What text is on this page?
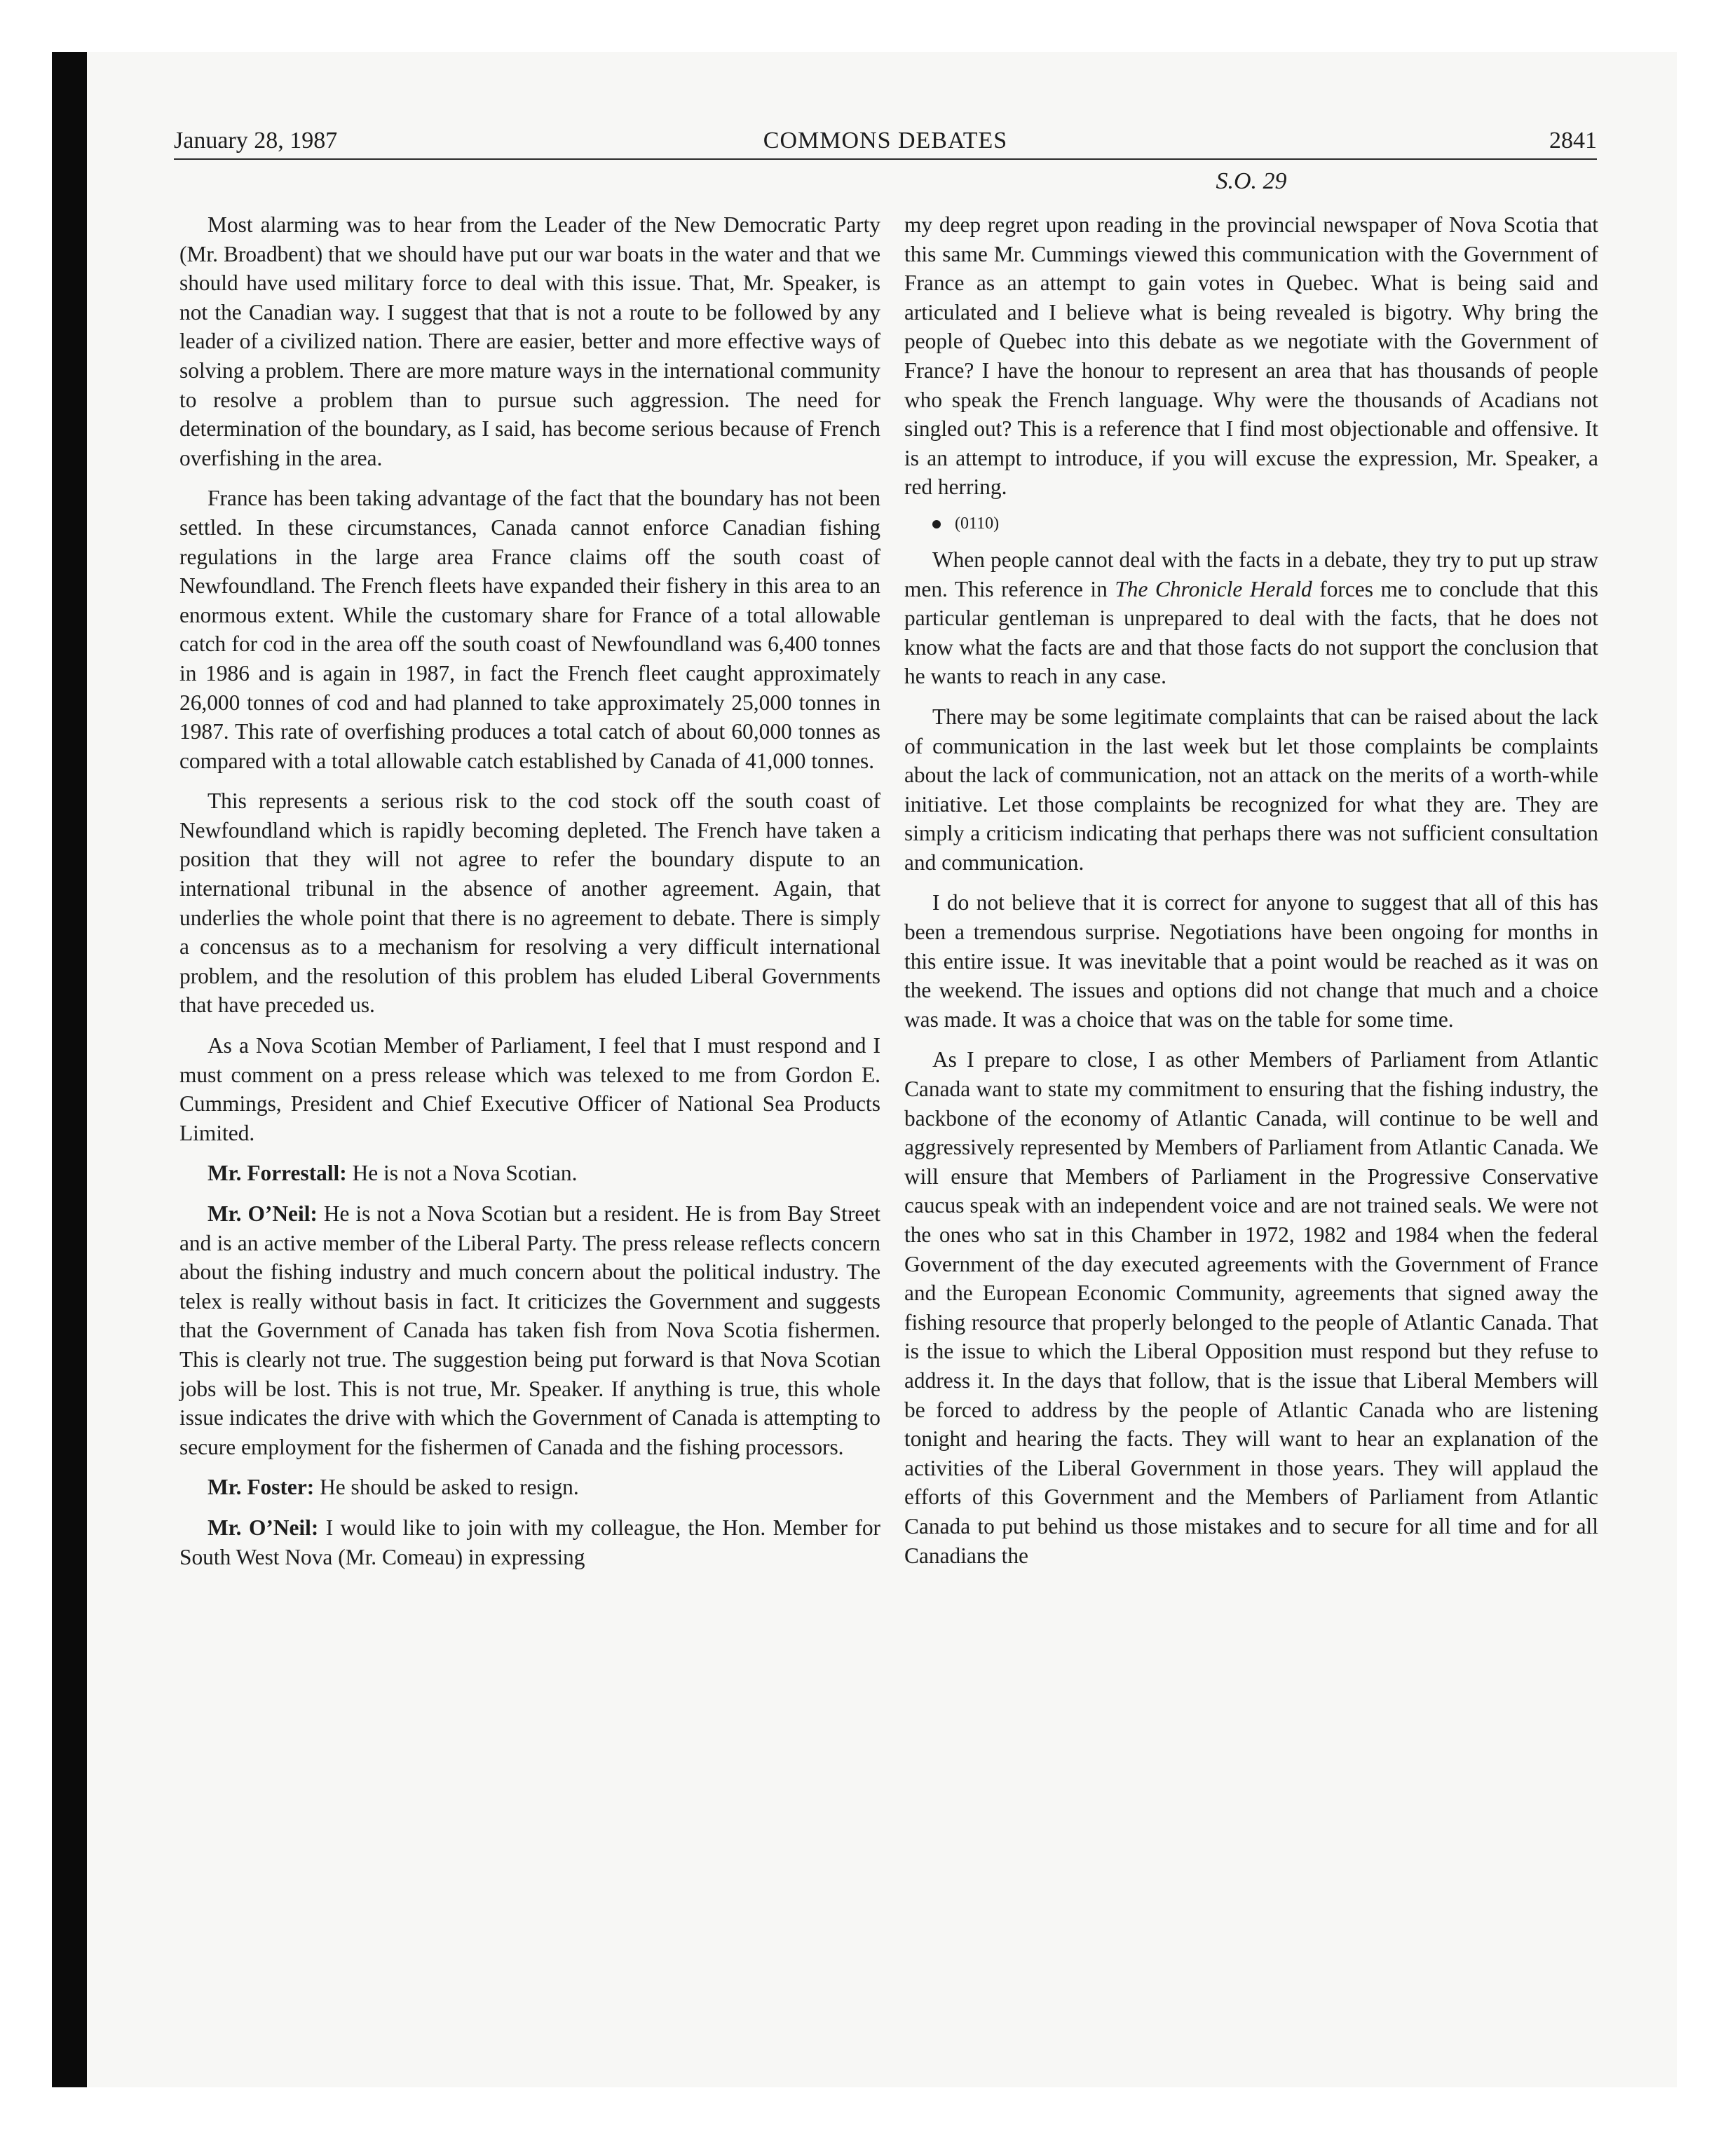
January 28, 1987	COMMONS DEBATES	2841
S.O. 29

Most alarming was to hear from the Leader of the New Democratic Party (Mr. Broadbent) that we should have put our war boats in the water and that we should have used military force to deal with this issue. That, Mr. Speaker, is not the Canadian way. I suggest that that is not a route to be followed by any leader of a civilized nation. There are easier, better and more effective ways of solving a problem. There are more mature ways in the international community to resolve a problem than to pursue such aggression. The need for determination of the boundary, as I said, has become serious because of French overfishing in the area.

France has been taking advantage of the fact that the boundary has not been settled. In these circumstances, Canada cannot enforce Canadian fishing regulations in the large area France claims off the south coast of Newfoundland. The French fleets have expanded their fishery in this area to an enormous extent. While the customary share for France of a total allowable catch for cod in the area off the south coast of Newfoundland was 6,400 tonnes in 1986 and is again in 1987, in fact the French fleet caught approximately 26,000 tonnes of cod and had planned to take approximately 25,000 tonnes in 1987. This rate of overfishing produces a total catch of about 60,000 tonnes as compared with a total allowable catch established by Canada of 41,000 tonnes.

This represents a serious risk to the cod stock off the south coast of Newfoundland which is rapidly becoming depleted. The French have taken a position that they will not agree to refer the boundary dispute to an international tribunal in the absence of another agreement. Again, that underlies the whole point that there is no agreement to debate. There is simply a concensus as to a mechanism for resolving a very difficult international problem, and the resolution of this problem has eluded Liberal Governments that have preceded us.

As a Nova Scotian Member of Parliament, I feel that I must respond and I must comment on a press release which was telexed to me from Gordon E. Cummings, President and Chief Executive Officer of National Sea Products Limited.

Mr. Forrestall: He is not a Nova Scotian.

Mr. O’Neil: He is not a Nova Scotian but a resident. He is from Bay Street and is an active member of the Liberal Party. The press release reflects concern about the fishing industry and much concern about the political industry. The telex is really without basis in fact. It criticizes the Government and suggests that the Government of Canada has taken fish from Nova Scotia fishermen. This is clearly not true. The suggestion being put forward is that Nova Scotian jobs will be lost. This is not true, Mr. Speaker. If anything is true, this whole issue indicates the drive with which the Government of Canada is attempting to secure employment for the fishermen of Canada and the fishing processors.

Mr. Foster: He should be asked to resign.

Mr. O’Neil: I would like to join with my colleague, the Hon. Member for South West Nova (Mr. Comeau) in expressing

my deep regret upon reading in the provincial newspaper of Nova Scotia that this same Mr. Cummings viewed this communication with the Government of France as an attempt to gain votes in Quebec. What is being said and articulated and I believe what is being revealed is bigotry. Why bring the people of Quebec into this debate as we negotiate with the Government of France? I have the honour to represent an area that has thousands of people who speak the French language. Why were the thousands of Acadians not singled out? This is a reference that I find most objectionable and offensive. It is an attempt to introduce, if you will excuse the expression, Mr. Speaker, a red herring.

(0110)

When people cannot deal with the facts in a debate, they try to put up straw men. This reference in The Chronicle Herald forces me to conclude that this particular gentleman is unprepared to deal with the facts, that he does not know what the facts are and that those facts do not support the conclusion that he wants to reach in any case.

There may be some legitimate complaints that can be raised about the lack of communication in the last week but let those complaints be complaints about the lack of communication, not an attack on the merits of a worth-while initiative. Let those complaints be recognized for what they are. They are simply a criticism indicating that perhaps there was not sufficient consultation and communication.

I do not believe that it is correct for anyone to suggest that all of this has been a tremendous surprise. Negotiations have been ongoing for months in this entire issue. It was inevitable that a point would be reached as it was on the weekend. The issues and options did not change that much and a choice was made. It was a choice that was on the table for some time.

As I prepare to close, I as other Members of Parliament from Atlantic Canada want to state my commitment to ensuring that the fishing industry, the backbone of the economy of Atlantic Canada, will continue to be well and aggressively represented by Members of Parliament from Atlantic Canada. We will ensure that Members of Parliament in the Progressive Conservative caucus speak with an independent voice and are not trained seals. We were not the ones who sat in this Chamber in 1972, 1982 and 1984 when the federal Government of the day executed agreements with the Government of France and the European Economic Community, agreements that signed away the fishing resource that properly belonged to the people of Atlantic Canada. That is the issue to which the Liberal Opposition must respond but they refuse to address it. In the days that follow, that is the issue that Liberal Members will be forced to address by the people of Atlantic Canada who are listening tonight and hearing the facts. They will want to hear an explanation of the activities of the Liberal Government in those years. They will applaud the efforts of this Government and the Members of Parliament from Atlantic Canada to put behind us those mistakes and to secure for all time and for all Canadians the
